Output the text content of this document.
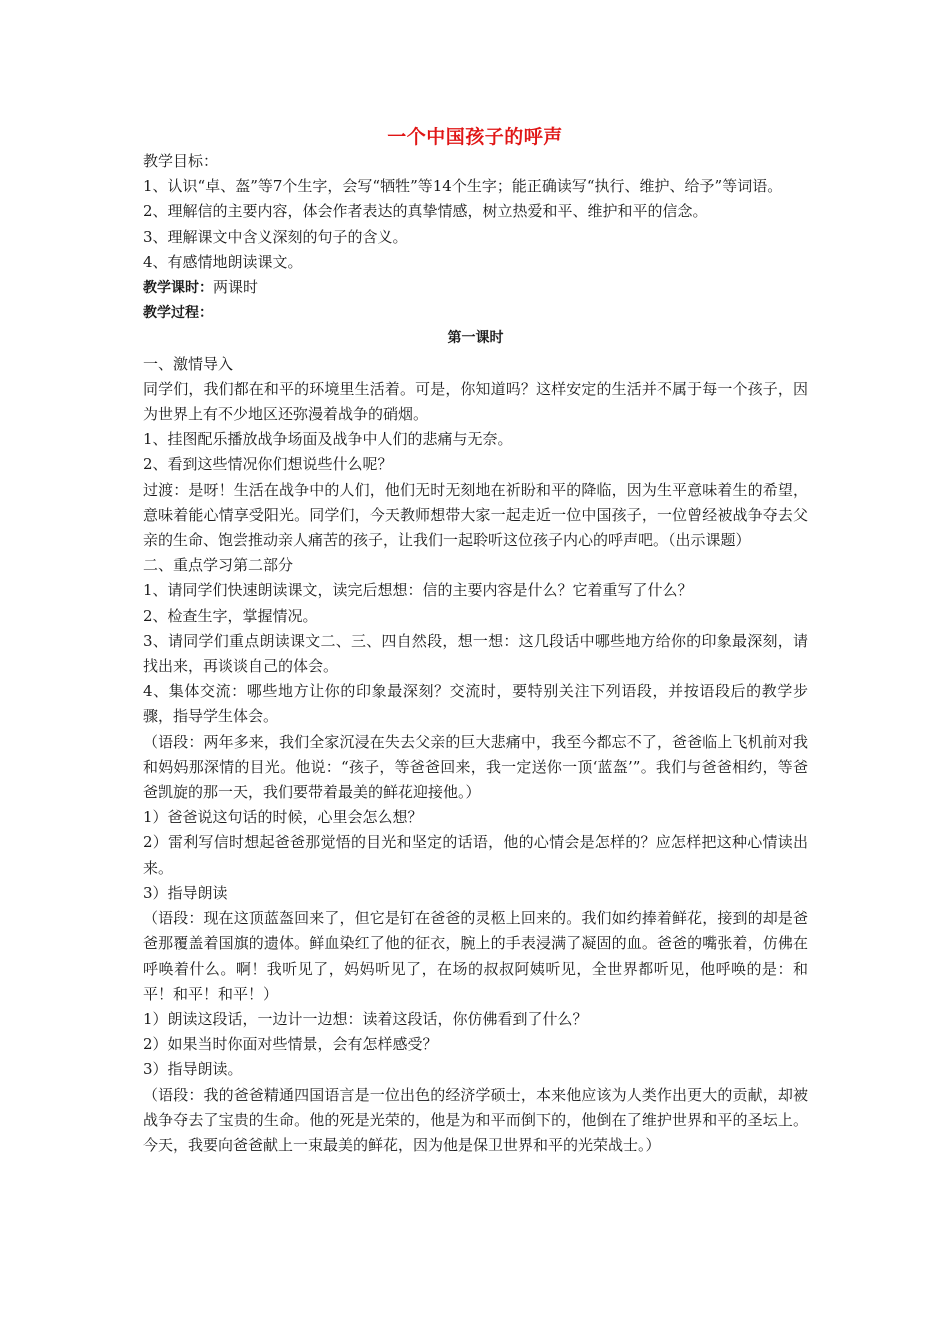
一个中国孩子的呼声

教学目标：

1、认识“卓、盔”等7个生字，会写“牺牲”等14个生字；能正确读写“执行、维护、给予”等词语。

2、理解信的主要内容，体会作者表达的真挚情感，树立热爱和平、维护和平的信念。

3、理解课文中含义深刻的句子的含义。

4、有感情地朗读课文。

教学课时：两课时

教学过程：

第一课时

一、激情导入

同学们，我们都在和平的环境里生活着。可是，你知道吗？这样安定的生活并不属于每一个孩子，因为世界上有不少地区还弥漫着战争的硝烟。

1、挂图配乐播放战争场面及战争中人们的悲痛与无奈。

2、看到这些情况你们想说些什么呢？

过渡：是呀！生活在战争中的人们，他们无时无刻地在祈盼和平的降临，因为生平意味着生的希望，意味着能心情享受阳光。同学们，今天教师想带大家一起走近一位中国孩子，一位曾经被战争夺去父亲的生命、饱尝推动亲人痛苦的孩子，让我们一起聆听这位孩子内心的呼声吧。（出示课题）

二、重点学习第二部分

1、请同学们快速朗读课文，读完后想想：信的主要内容是什么？它着重写了什么？

2、检查生字，掌握情况。

3、请同学们重点朗读课文二、三、四自然段，想一想：这几段话中哪些地方给你的印象最深刻，请找出来，再谈谈自己的体会。

4、集体交流：哪些地方让你的印象最深刻？交流时，要特别关注下列语段，并按语段后的教学步骤，指导学生体会。

（语段：两年多来，我们全家沉浸在失去父亲的巨大悲痛中，我至今都忘不了，爸爸临上飞机前对我和妈妈那深情的目光。他说：“孩子，等爸爸回来，我一定送你一顶‘蓝盔’”。我们与爸爸相约，等爸爸凯旋的那一天，我们要带着最美的鲜花迎接他。）

1）爸爸说这句话的时候，心里会怎么想？

2）雷利写信时想起爸爸那觉悟的目光和坚定的话语，他的心情会是怎样的？应怎样把这种心情读出来。

3）指导朗读

（语段：现在这顶蓝盔回来了，但它是钉在爸爸的灵柩上回来的。我们如约捧着鲜花，接到的却是爸爸那覆盖着国旗的遗体。鲜血染红了他的征衣，腕上的手表浸满了凝固的血。爸爸的嘴张着，仿佛在呼唤着什么。啊！我听见了，妈妈听见了，在场的叔叔阿姨听见，全世界都听见，他呼唤的是：和平！和平！和平！）

1）朗读这段话，一边计一边想：读着这段话，你仿佛看到了什么？

2）如果当时你面对些情景，会有怎样感受？

3）指导朗读。

（语段：我的爸爸精通四国语言是一位出色的经济学硕士，本来他应该为人类作出更大的贡献，却被战争夺去了宝贵的生命。他的死是光荣的，他是为和平而倒下的，他倒在了维护世界和平的圣坛上。今天，我要向爸爸献上一束最美的鲜花，因为他是保卫世界和平的光荣战士。）
